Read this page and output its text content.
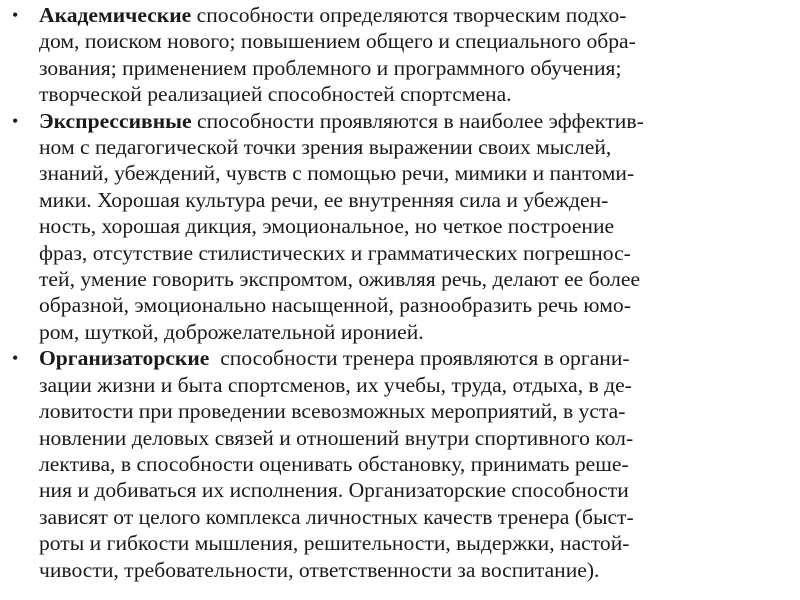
• Академические способности определяются творческим подхо-
дом, поиском нового; повышением общего и специального обра-
зования; применением проблемного и программного обучения;
творческой реализацией способностей спортсмена.
• Экспрессивные способности проявляются в наиболее эффектив-
ном с педагогической точки зрения выражении своих мыслей,
знаний, убеждений, чувств с помощью речи, мимики и пантоми-
мики. Хорошая культура речи, ее внутренняя сила и убежден-
ность, хорошая дикция, эмоциональное, но четкое построение
фраз, отсутствие стилистических и грамматических погрешнос-
тей, умение говорить экспромтом, оживляя речь, делают ее более
образной, эмоционально насыщенной, разнообразить речь юмо-
ром, шуткой, доброжелательной иронией.
• Организаторские  способности тренера проявляются в органи-
зации жизни и быта спортсменов, их учебы, труда, отдыха, в де-
ловитости при проведении всевозможных мероприятий, в уста-
новлении деловых связей и отношений внутри спортивного кол-
лектива, в способности оценивать обстановку, принимать реше-
ния и добиваться их исполнения. Организаторские способности
зависят от целого комплекса личностных качеств тренера (быст-
роты и гибкости мышления, решительности, выдержки, настой-
чивости, требовательности, ответственности за воспитание).
